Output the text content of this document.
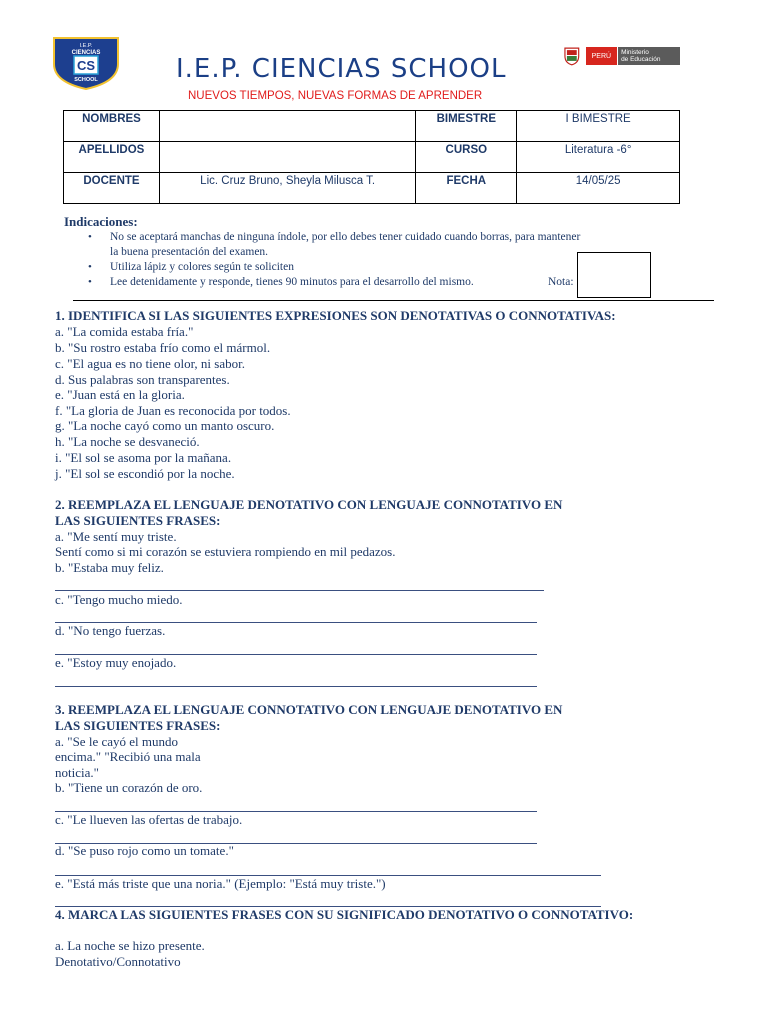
I.E.P.
CIENCIAS
CS
SCHOOL	I.E.P. CIENCIAS SCHOOL
NUEVOS TIEMPOS, NUEVAS FORMAS DE APRENDER
PERÚ	Ministerio
de Educación
NOMBRES		BIMESTRE	I BIMESTRE
APELLIDOS		CURSO	Literatura -6°
DOCENTE	Lic. Cruz Bruno, Sheyla Milusca T.	FECHA	14/05/25
Indicaciones:
• No se aceptará manchas de ninguna índole, por ello debes tener cuidado cuando borras, para mantener
la buena presentación del examen.
• Utiliza lápiz y colores según te soliciten
• Lee detenidamente y responde, tienes 90 minutos para el desarrollo del mismo.	Nota:
1. IDENTIFICA SI LAS SIGUIENTES EXPRESIONES SON DENOTATIVAS O CONNOTATIVAS:
a. "La comida estaba fría."
b. "Su rostro estaba frío como el mármol.
c. "El agua es no tiene olor, ni sabor.
d. Sus palabras son transparentes.
e. "Juan está en la gloria.
f. "La gloria de Juan es reconocida por todos.
g. "La noche cayó como un manto oscuro.
h. "La noche se desvaneció.
i. "El sol se asoma por la mañana.
j. "El sol se escondió por la noche.
2. REEMPLAZA EL LENGUAJE DENOTATIVO CON LENGUAJE CONNOTATIVO EN
LAS SIGUIENTES FRASES:
a. "Me sentí muy triste.
Sentí como si mi corazón se estuviera rompiendo en mil pedazos.
b. "Estaba muy feliz.
c. "Tengo mucho miedo.
d. "No tengo fuerzas.
e. "Estoy muy enojado.
3. REEMPLAZA EL LENGUAJE CONNOTATIVO CON LENGUAJE DENOTATIVO EN
LAS SIGUIENTES FRASES:
a. "Se le cayó el mundo
encima." "Recibió una mala
noticia."
b. "Tiene un corazón de oro.
c. "Le llueven las ofertas de trabajo.
d. "Se puso rojo como un tomate."
e. "Está más triste que una noria." (Ejemplo: "Está muy triste.")
4. MARCA LAS SIGUIENTES FRASES CON SU SIGNIFICADO DENOTATIVO O CONNOTATIVO:
a. La noche se hizo presente.
Denotativo/Connotativo
